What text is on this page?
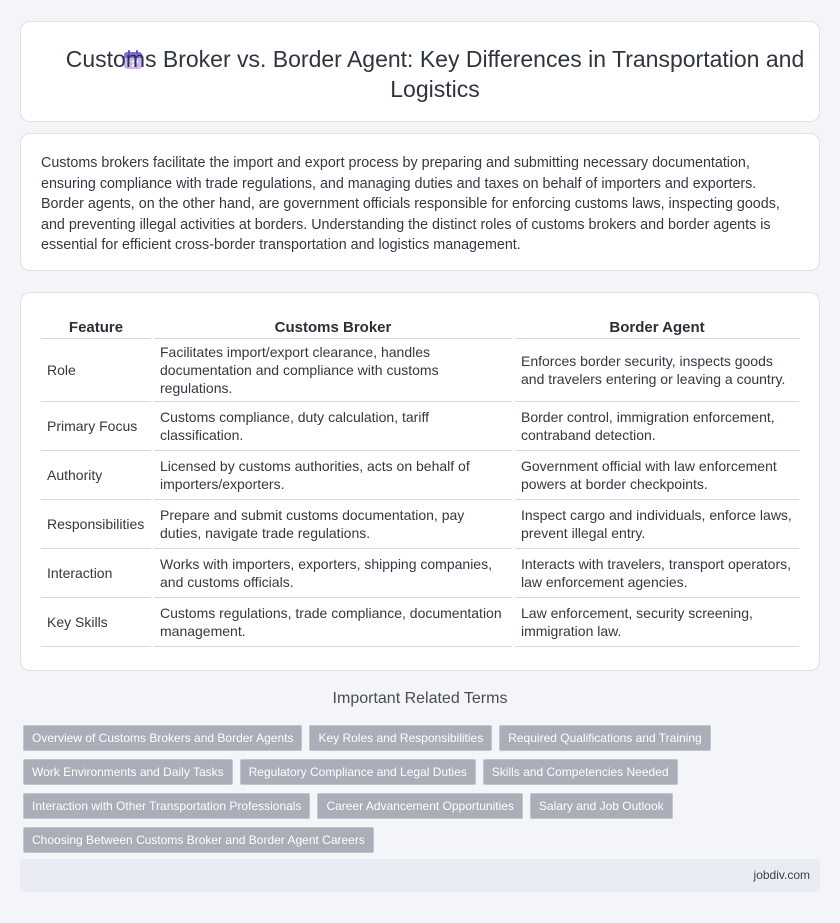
Customs Broker vs. Border Agent: Key Differences in Transportation and Logistics

Customs brokers facilitate the import and export process by preparing and submitting necessary documentation, ensuring compliance with trade regulations, and managing duties and taxes on behalf of importers and exporters. Border agents, on the other hand, are government officials responsible for enforcing customs laws, inspecting goods, and preventing illegal activities at borders. Understanding the distinct roles of customs brokers and border agents is essential for efficient cross-border transportation and logistics management.

Feature	Customs Broker	Border Agent
Role	Facilitates import/export clearance, handles documentation and compliance with customs regulations.	Enforces border security, inspects goods and travelers entering or leaving a country.
Primary Focus	Customs compliance, duty calculation, tariff classification.	Border control, immigration enforcement, contraband detection.
Authority	Licensed by customs authorities, acts on behalf of importers/exporters.	Government official with law enforcement powers at border checkpoints.
Responsibilities	Prepare and submit customs documentation, pay duties, navigate trade regulations.	Inspect cargo and individuals, enforce laws, prevent illegal entry.
Interaction	Works with importers, exporters, shipping companies, and customs officials.	Interacts with travelers, transport operators, law enforcement agencies.
Key Skills	Customs regulations, trade compliance, documentation management.	Law enforcement, security screening, immigration law.
Important Related Terms
Overview of Customs Brokers and Border Agents	Key Roles and Responsibilities	Required Qualifications and Training
Work Environments and Daily Tasks	Regulatory Compliance and Legal Duties	Skills and Competencies Needed
Interaction with Other Transportation Professionals	Career Advancement Opportunities	Salary and Job Outlook
Choosing Between Customs Broker and Border Agent Careers
jobdiv.com
